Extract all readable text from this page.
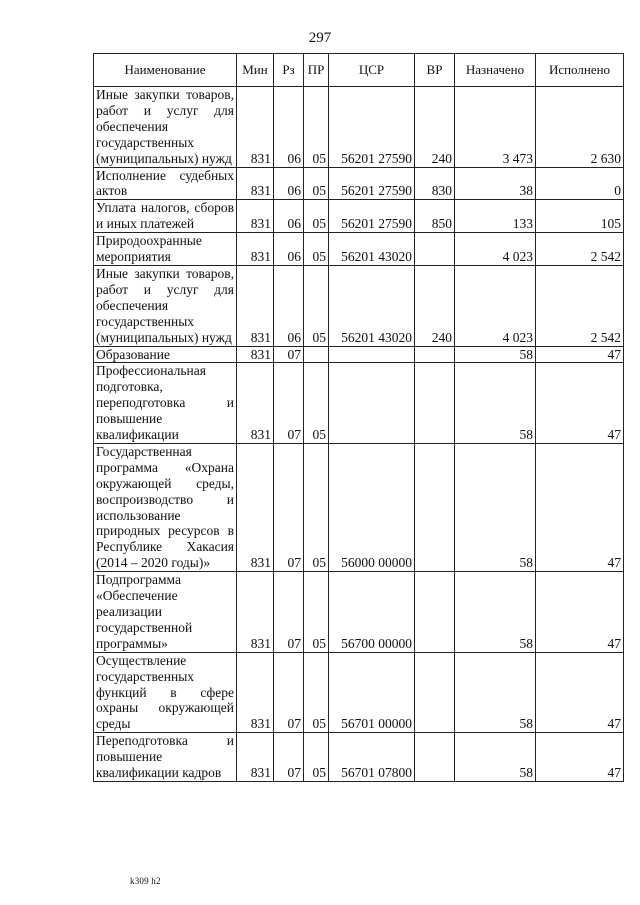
297
Наименование	Мин	Рз	ПР	ЦСР	ВР	Назначено	Исполнено
Иные закупки товаров, работ и услуг для обеспечения государственных (муниципальных) нужд	831	06	05	56201 27590	240	3 473	2 630
Исполнение судебных актов	831	06	05	56201 27590	830	38	0
Уплата налогов, сборов и иных платежей	831	06	05	56201 27590	850	133	105
Природоохранные мероприятия	831	06	05	56201 43020		4 023	2 542
Иные закупки товаров, работ и услуг для обеспечения государственных (муниципальных) нужд	831	06	05	56201 43020	240	4 023	2 542
Образование	831	07				58	47
Профессиональная подготовка, переподготовка и повышение квалификации	831	07	05			58	47
Государственная программа «Охрана окружающей среды, воспроизводство и использование природных ресурсов в Республике Хакасия (2014 – 2020 годы)»	831	07	05	56000 00000		58	47
Подпрограмма «Обеспечение реализации государственной программы»	831	07	05	56700 00000		58	47
Осуществление государственных функций в сфере охраны окружающей среды	831	07	05	56701 00000		58	47
Переподготовка и повышение квалификации кадров	831	07	05	56701 07800		58	47
k309 h2
